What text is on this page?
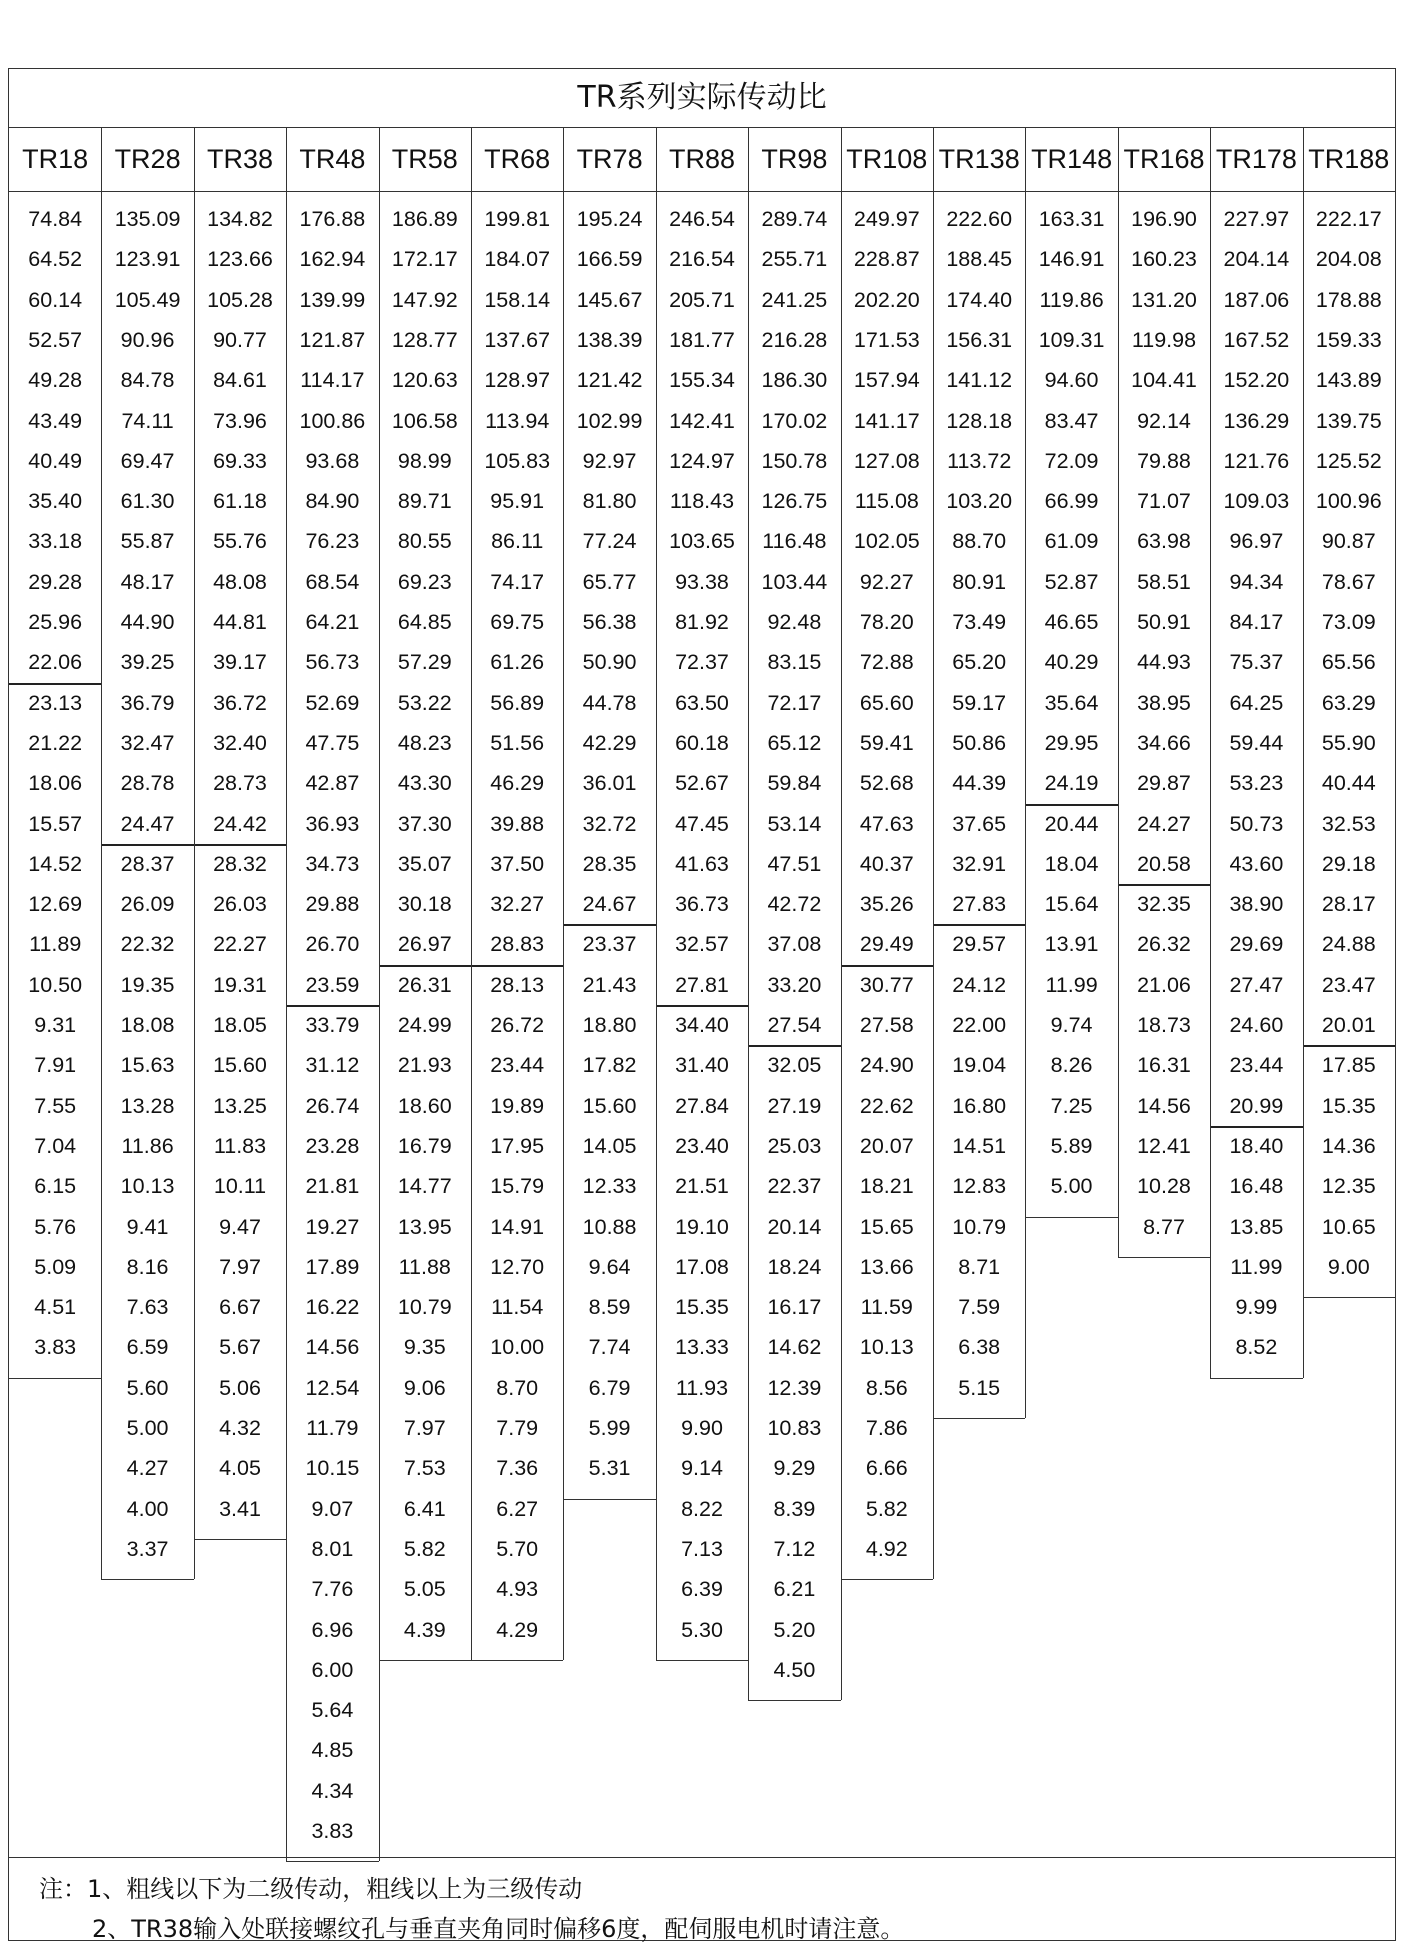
TR系列实际传动比
TR18 TR28 TR38 TR48 TR58 TR68 TR78 TR88 TR98 TR108 TR138 TR148 TR168 TR178 TR188
74.84
64.52
60.14
52.57
49.28
43.49
40.49
35.40
33.18
29.28
25.96
22.06
23.13
21.22
18.06
15.57
14.52
12.69
11.89
10.50
9.31
7.91
7.55
7.04
6.15
5.76
5.09
4.51
3.83
135.09
123.91
105.49
90.96
84.78
74.11
69.47
61.30
55.87
48.17
44.90
39.25
36.79
32.47
28.78
24.47
28.37
26.09
22.32
19.35
18.08
15.63
13.28
11.86
10.13
9.41
8.16
7.63
6.59
5.60
5.00
4.27
4.00
3.37
134.82
123.66
105.28
90.77
84.61
73.96
69.33
61.18
55.76
48.08
44.81
39.17
36.72
32.40
28.73
24.42
28.32
26.03
22.27
19.31
18.05
15.60
13.25
11.83
10.11
9.47
7.97
6.67
5.67
5.06
4.32
4.05
3.41
176.88
162.94
139.99
121.87
114.17
100.86
93.68
84.90
76.23
68.54
64.21
56.73
52.69
47.75
42.87
36.93
34.73
29.88
26.70
23.59
33.79
31.12
26.74
23.28
21.81
19.27
17.89
16.22
14.56
12.54
11.79
10.15
9.07
8.01
7.76
6.96
6.00
5.64
4.85
4.34
3.83
186.89
172.17
147.92
128.77
120.63
106.58
98.99
89.71
80.55
69.23
64.85
57.29
53.22
48.23
43.30
37.30
35.07
30.18
26.97
26.31
24.99
21.93
18.60
16.79
14.77
13.95
11.88
10.79
9.35
9.06
7.97
7.53
6.41
5.82
5.05
4.39
199.81
184.07
158.14
137.67
128.97
113.94
105.83
95.91
86.11
74.17
69.75
61.26
56.89
51.56
46.29
39.88
37.50
32.27
28.83
28.13
26.72
23.44
19.89
17.95
15.79
14.91
12.70
11.54
10.00
8.70
7.79
7.36
6.27
5.70
4.93
4.29
195.24
166.59
145.67
138.39
121.42
102.99
92.97
81.80
77.24
65.77
56.38
50.90
44.78
42.29
36.01
32.72
28.35
24.67
23.37
21.43
18.80
17.82
15.60
14.05
12.33
10.88
9.64
8.59
7.74
6.79
5.99
5.31
246.54
216.54
205.71
181.77
155.34
142.41
124.97
118.43
103.65
93.38
81.92
72.37
63.50
60.18
52.67
47.45
41.63
36.73
32.57
27.81
34.40
31.40
27.84
23.40
21.51
19.10
17.08
15.35
13.33
11.93
9.90
9.14
8.22
7.13
6.39
5.30
289.74
255.71
241.25
216.28
186.30
170.02
150.78
126.75
116.48
103.44
92.48
83.15
72.17
65.12
59.84
53.14
47.51
42.72
37.08
33.20
27.54
32.05
27.19
25.03
22.37
20.14
18.24
16.17
14.62
12.39
10.83
9.29
8.39
7.12
6.21
5.20
4.50
249.97
228.87
202.20
171.53
157.94
141.17
127.08
115.08
102.05
92.27
78.20
72.88
65.60
59.41
52.68
47.63
40.37
35.26
29.49
30.77
27.58
24.90
22.62
20.07
18.21
15.65
13.66
11.59
10.13
8.56
7.86
6.66
5.82
4.92
222.60
188.45
174.40
156.31
141.12
128.18
113.72
103.20
88.70
80.91
73.49
65.20
59.17
50.86
44.39
37.65
32.91
27.83
29.57
24.12
22.00
19.04
16.80
14.51
12.83
10.79
8.71
7.59
6.38
5.15
163.31
146.91
119.86
109.31
94.60
83.47
72.09
66.99
61.09
52.87
46.65
40.29
35.64
29.95
24.19
20.44
18.04
15.64
13.91
11.99
9.74
8.26
7.25
5.89
5.00
196.90
160.23
131.20
119.98
104.41
92.14
79.88
71.07
63.98
58.51
50.91
44.93
38.95
34.66
29.87
24.27
20.58
32.35
26.32
21.06
18.73
16.31
14.56
12.41
10.28
8.77
227.97
204.14
187.06
167.52
152.20
136.29
121.76
109.03
96.97
94.34
84.17
75.37
64.25
59.44
53.23
50.73
43.60
38.90
29.69
27.47
24.60
23.44
20.99
18.40
16.48
13.85
11.99
9.99
8.52
222.17
204.08
178.88
159.33
143.89
139.75
125.52
100.96
90.87
78.67
73.09
65.56
63.29
55.90
40.44
32.53
29.18
28.17
24.88
23.47
20.01
17.85
15.35
14.36
12.35
10.65
9.00
注：1、粗线以下为二级传动，粗线以上为三级传动
2、TR38输入处联接螺纹孔与垂直夹角同时偏移6度，配伺服电机时请注意。
